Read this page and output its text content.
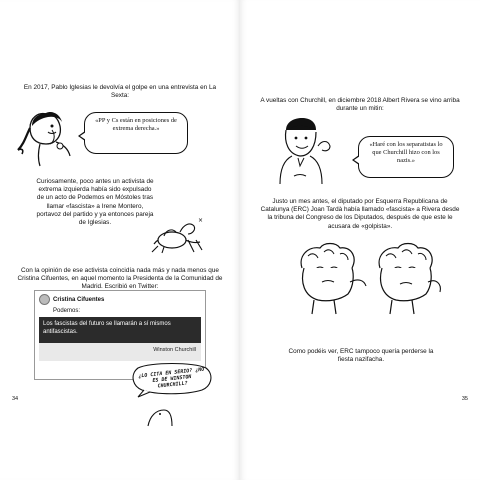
En 2017, Pablo Iglesias le devolvía el golpe en una entrevista en La Sexta:

«PP y Cs están en posiciones de extrema derecha.»

Curiosamente, poco antes un activista de extrema izquierda había sido expulsado de un acto de Podemos en Móstoles tras llamar «fascista» a Irene Montero, portavoz del partido y ya entonces pareja de Iglesias.	×

Con la opinión de ese activista coincidía nada más y nada menos que Cristina Cifuentes, en aquel momento la Presidenta de la Comunidad de Madrid. Escribió en Twitter:

Cristina Cifuentes
Podemos:
Los fascistas del futuro se llamarán a sí mismos antifascistas.
Winston Churchill
¿LO CITA EN SERIO? ¿NO ES DE WINSTON CHURCHILL?
34

A vueltas con Churchill, en diciembre 2018 Albert Rivera se vino arriba durante un mitin:

«Haré con los separatistas lo que Churchill hizo con los nazis.»

Justo un mes antes, el diputado por Esquerra Republicana de Catalunya (ERC) Joan Tardà había llamado «fascista» a Rivera desde la tribuna del Congreso de los Diputados, después de que este le acusara de «golpista».

Como podéis ver, ERC tampoco quería perderse la fiesta nazifacha.

35
